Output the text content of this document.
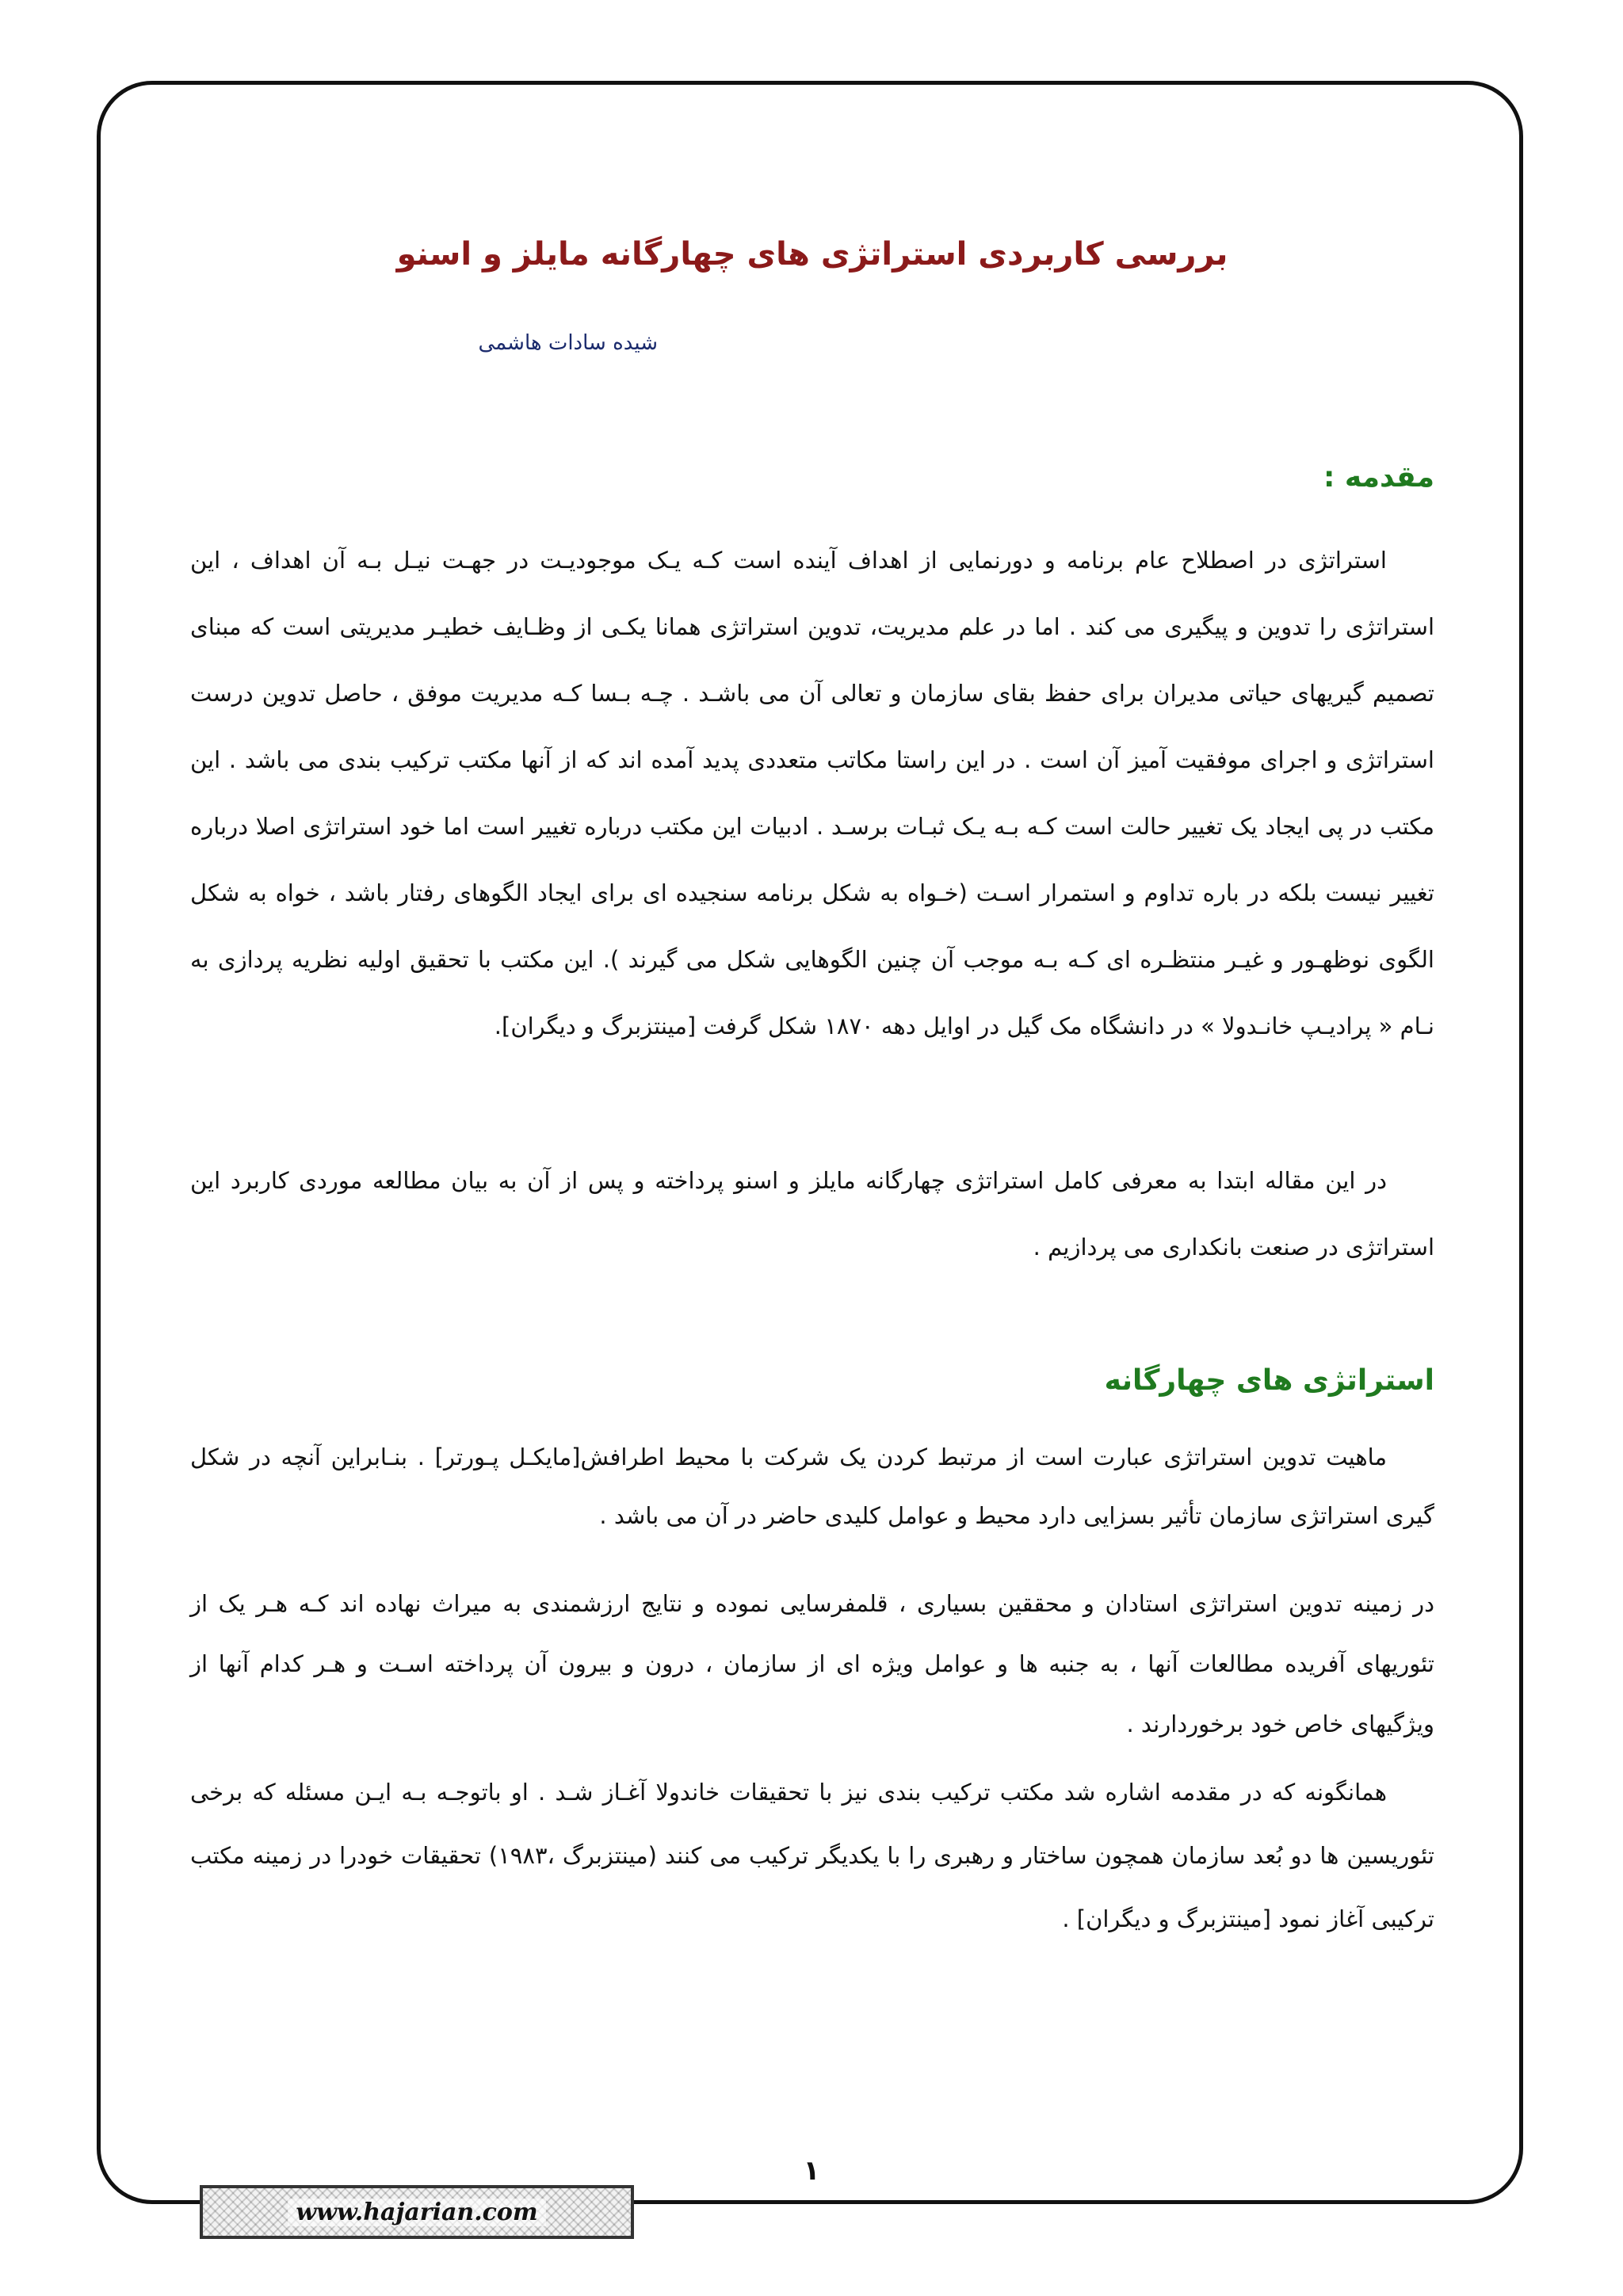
بررسی کاربردی استراتژی های چهارگانه مایلز و اسنو

شیده سادات هاشمی

مقدمه :

استراتژی در اصطلاح عام برنامه و دورنمایی از اهداف آینده است کـه یـک موجودیـت در جهـت نیـل بـه آن اهداف ، این استراتژی را تدوین و پیگیری می کند . اما در علم مدیریت، تدوین استراتژی همانا یکـی از وظـایف خطیـر مدیریتی است که مبنای تصمیم گیریهای حیاتی مدیران برای حفظ بقای سازمان و تعالی آن می باشـد . چـه بـسا کـه مدیریت موفق ، حاصل تدوین درست استراتژی و اجرای موفقیت آمیز آن است . در این راستا مکاتب متعددی پدید آمده اند که از آنها مکتب ترکیب بندی می باشد . این مکتب در پی ایجاد یک تغییر حالت است کـه بـه یـک ثبـات برسـد . ادبیات این مکتب درباره تغییر است اما خود استراتژی اصلا درباره تغییر نیست بلکه در باره تداوم و استمرار اسـت (خـواه به شکل برنامه سنجیده ای برای ایجاد الگوهای رفتار باشد ، خواه به شکل الگوی نوظهـور و غیـر منتظـره ای کـه بـه موجب آن چنین الگوهایی شکل می گیرند ). این مکتب با تحقیق اولیه نظریه پردازی به نـام « پرادیـپ خانـدولا » در دانشگاه مک گیل در اوایل دهه ۱۸۷۰ شکل گرفت [مینتزبرگ و دیگران].

در این مقاله ابتدا به معرفی کامل استراتژی چهارگانه مایلز و اسنو پرداخته و پس از آن به بیان مطالعه موردی کاربرد این استراتژی در صنعت بانکداری می پردازیم .

استراتژی های چهارگانه

ماهیت تدوین استراتژی عبارت است از مرتبط کردن یک شرکت با محیط اطرافش[مایکـل پـورتر] . بنـابراین آنچه در شکل گیری استراتژی سازمان تأثیر بسزایی دارد محیط و عوامل کلیدی حاضر در آن می باشد .

در زمینه تدوین استراتژی استادان و محققین بسیاری ، قلمفرسایی نموده و نتایج ارزشمندی به میراث نهاده اند کـه هـر یک از تئوریهای آفریده مطالعات آنها ، به جنبه ها و عوامل ویژه ای از سازمان ، درون و بیرون آن پرداخته اسـت و هـر کدام آنها از ویژگیهای خاص خود برخوردارند .

همانگونه که در مقدمه اشاره شد مکتب ترکیب بندی نیز با تحقیقات خاندولا آغـاز شـد . او باتوجـه بـه ایـن مسئله که برخی تئوریسین ها دو بُعد سازمان همچون ساختار و رهبری را با یکدیگر ترکیب می کنند (مینتزبرگ ،۱۹۸۳) تحقیقات خودرا در زمینه مکتب ترکیبی آغاز نمود [مینتزبرگ و دیگران] .

۱

www.hajarian.com
